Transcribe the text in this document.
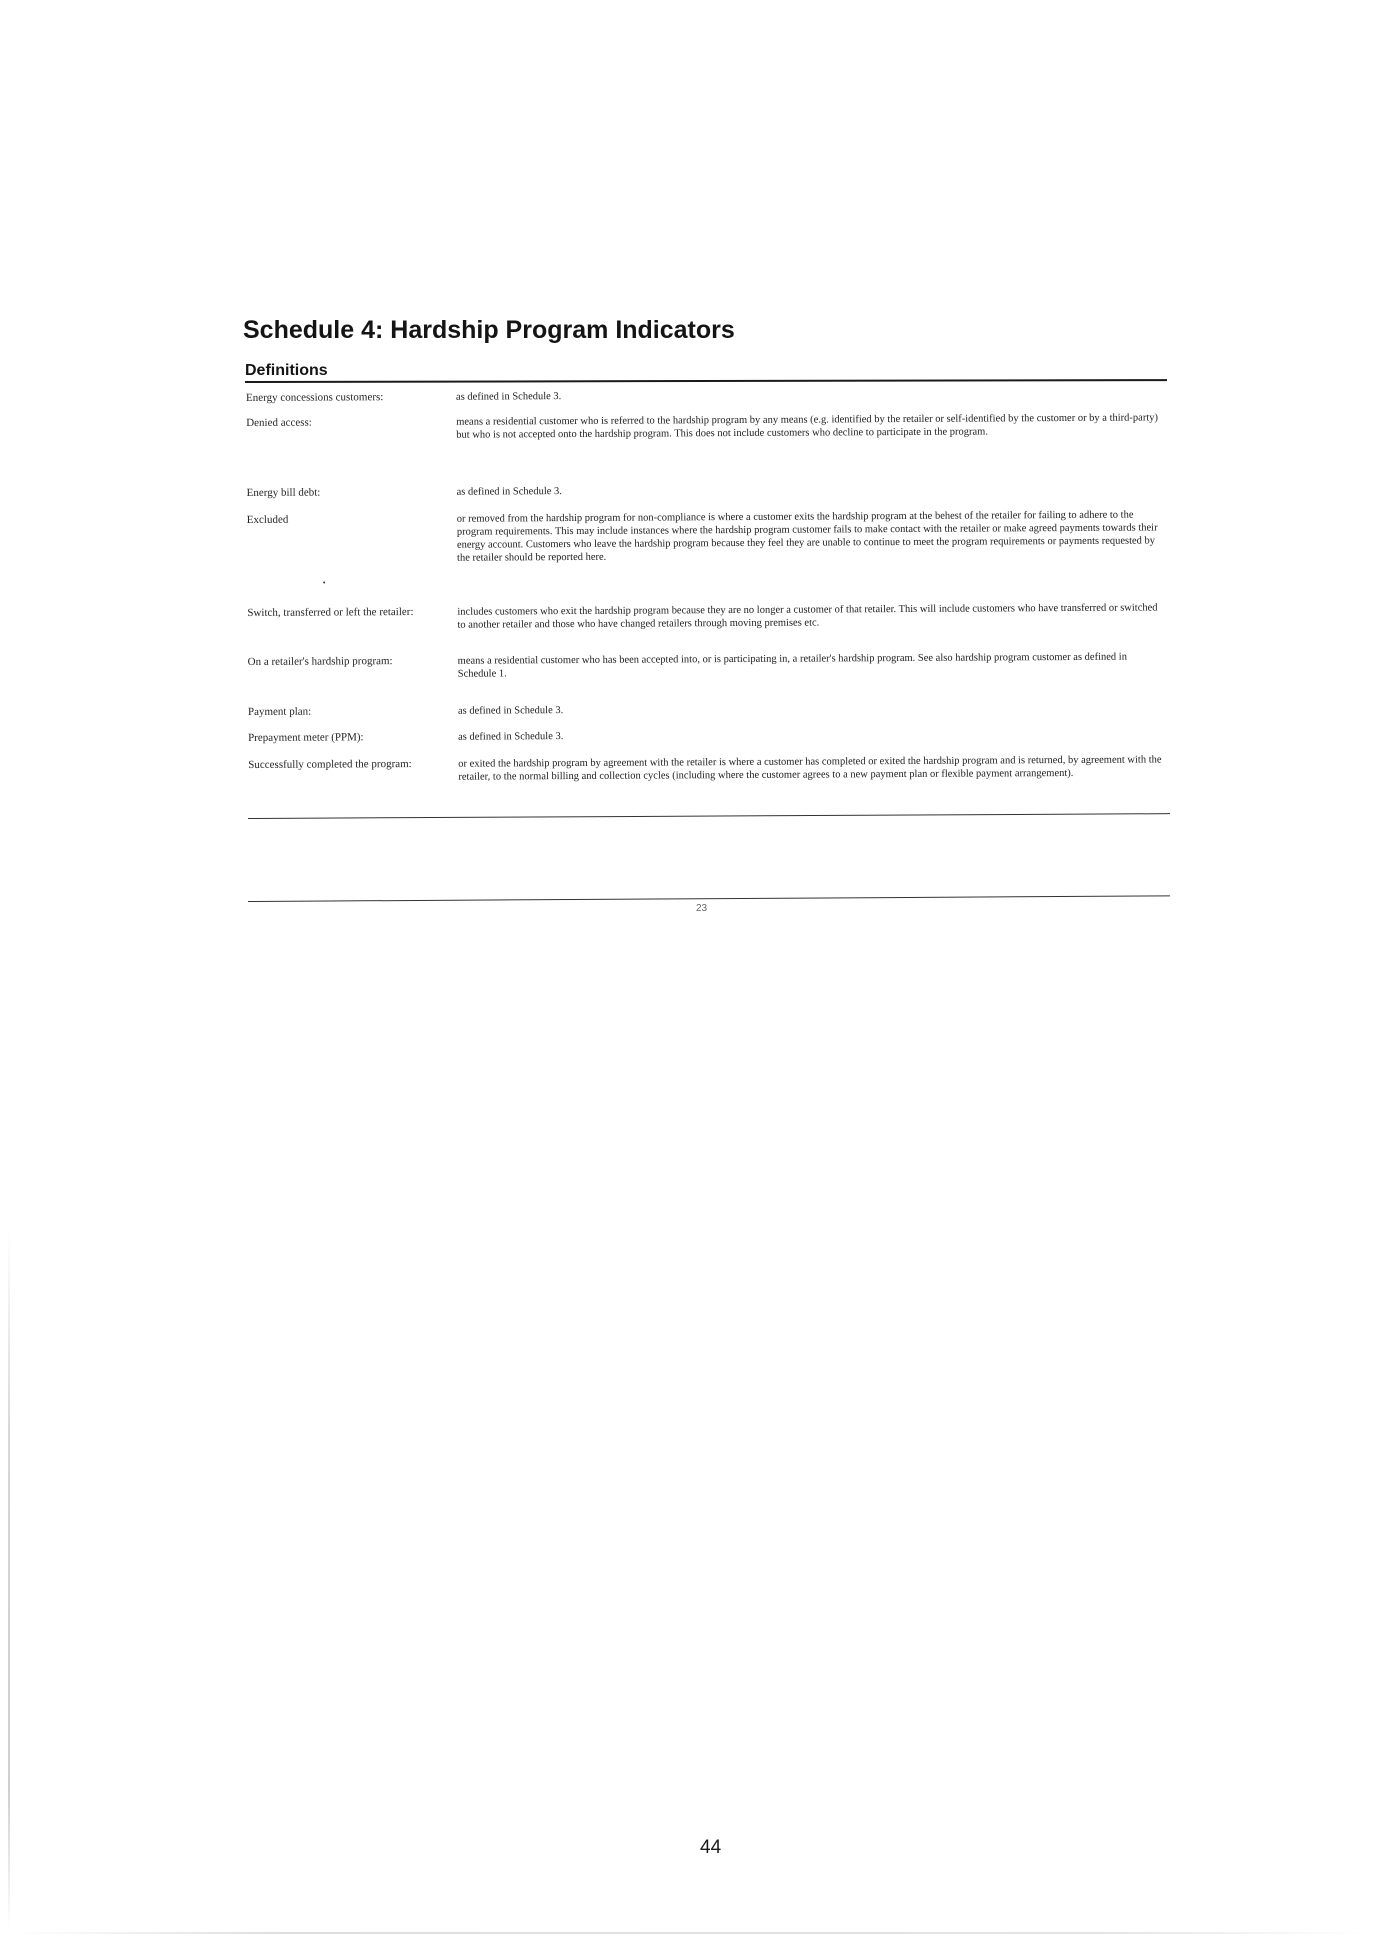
Schedule 4: Hardship Program Indicators
Definitions
Energy concessions customers:	as defined in Schedule 3.
Denied access:	means a residential customer who is referred to the hardship program by any means (e.g. identified by the retailer or self-identified by the customer or by a third-party) but who is not accepted onto the hardship program. This does not include customers who decline to participate in the program.
Energy bill debt:	as defined in Schedule 3.
Excluded	or removed from the hardship program for non-compliance is where a customer exits the hardship program at the behest of the retailer for failing to adhere to the program requirements. This may include instances where the hardship program customer fails to make contact with the retailer or make agreed payments towards their energy account. Customers who leave the hardship program because they feel they are unable to continue to meet the program requirements or payments requested by the retailer should be reported here.
Switch, transferred or left the retailer:	includes customers who exit the hardship program because they are no longer a customer of that retailer. This will include customers who have transferred or switched to another retailer and those who have changed retailers through moving premises etc.
On a retailer's hardship program:	means a residential customer who has been accepted into, or is participating in, a retailer's hardship program. See also hardship program customer as defined in Schedule 1.
Payment plan:	as defined in Schedule 3.
Prepayment meter (PPM):	as defined in Schedule 3.
Successfully completed the program:	or exited the hardship program by agreement with the retailer is where a customer has completed or exited the hardship program and is returned, by agreement with the retailer, to the normal billing and collection cycles (including where the customer agrees to a new payment plan or flexible payment arrangement).
23
44
